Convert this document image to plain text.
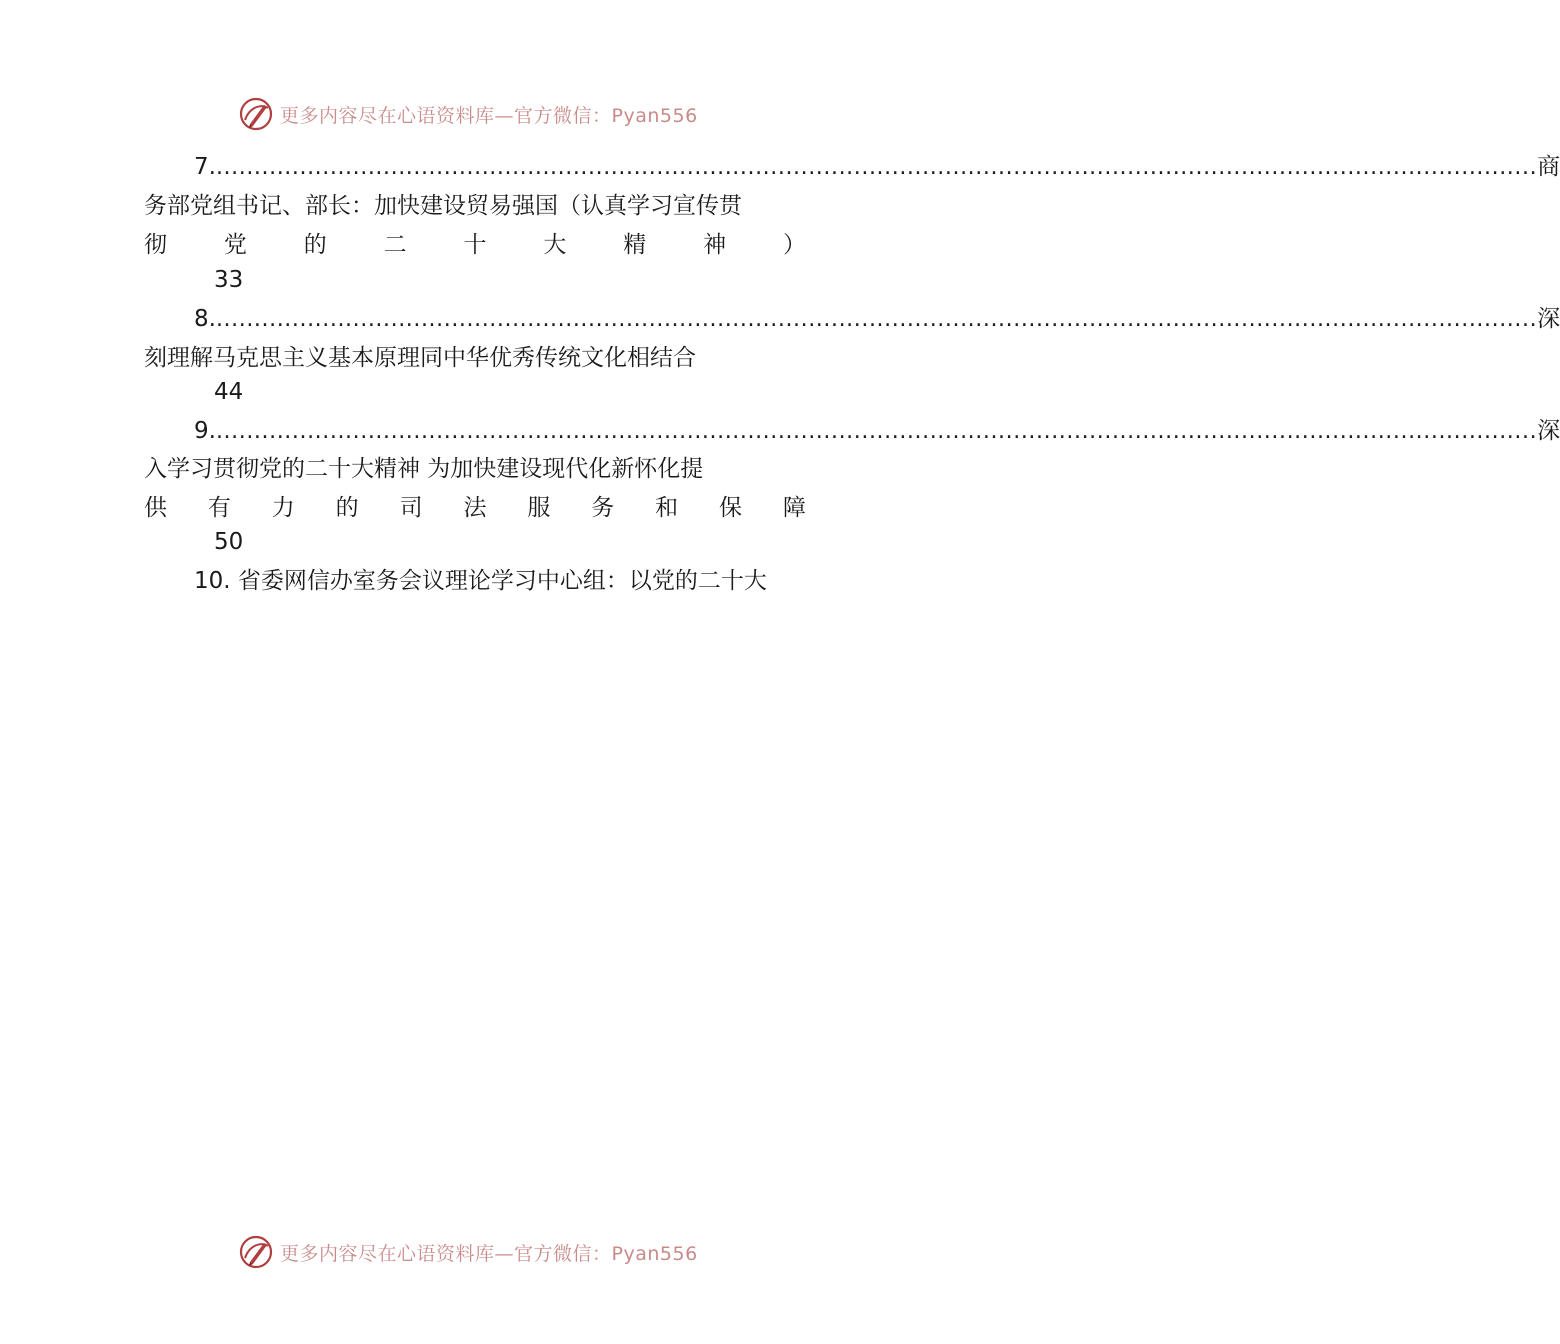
更多内容尽在心语资料库—官方微信：Pyan556
7. .............................................................................................................................................................................. 商
务部党组书记、部长：加快建设贸易强国（认真学习宣传贯
彻 党 的 二 十 大 精 神 ）
33
8. .............................................................................................................................................................................. 深
刻理解马克思主义基本原理同中华优秀传统文化相结合
44
9. .............................................................................................................................................................................. 深
入学习贯彻党的二十大精神 为加快建设现代化新怀化提
供 有 力 的 司 法 服 务 和 保 障
50
10. 省委网信办室务会议理论学习中心组：以党的二十大
更多内容尽在心语资料库—官方微信：Pyan556
